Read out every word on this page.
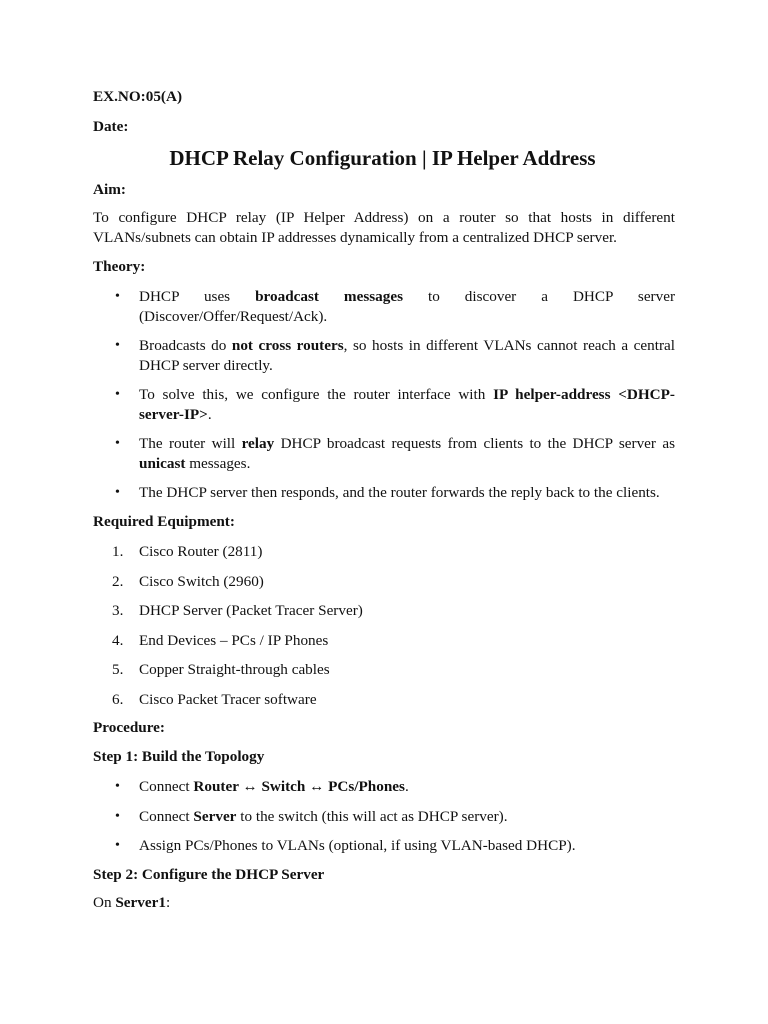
EX.NO:05(A)

Date:

DHCP Relay Configuration | IP Helper Address

Aim:

To configure DHCP relay (IP Helper Address) on a router so that hosts in different VLANs/subnets can obtain IP addresses dynamically from a centralized DHCP server.

Theory:

• DHCP uses broadcast messages to discover a DHCP server (Discover/Offer/Request/Ack).
• Broadcasts do not cross routers, so hosts in different VLANs cannot reach a central DHCP server directly.
• To solve this, we configure the router interface with IP helper-address <DHCP-server-IP>.
• The router will relay DHCP broadcast requests from clients to the DHCP server as unicast messages.
• The DHCP server then responds, and the router forwards the reply back to the clients.

Required Equipment:

1. Cisco Router (2811)
2. Cisco Switch (2960)
3. DHCP Server (Packet Tracer Server)
4. End Devices – PCs / IP Phones
5. Copper Straight-through cables
6. Cisco Packet Tracer software

Procedure:

Step 1: Build the Topology

• Connect Router ↔ Switch ↔ PCs/Phones.
• Connect Server to the switch (this will act as DHCP server).
• Assign PCs/Phones to VLANs (optional, if using VLAN-based DHCP).

Step 2: Configure the DHCP Server

On Server1:
